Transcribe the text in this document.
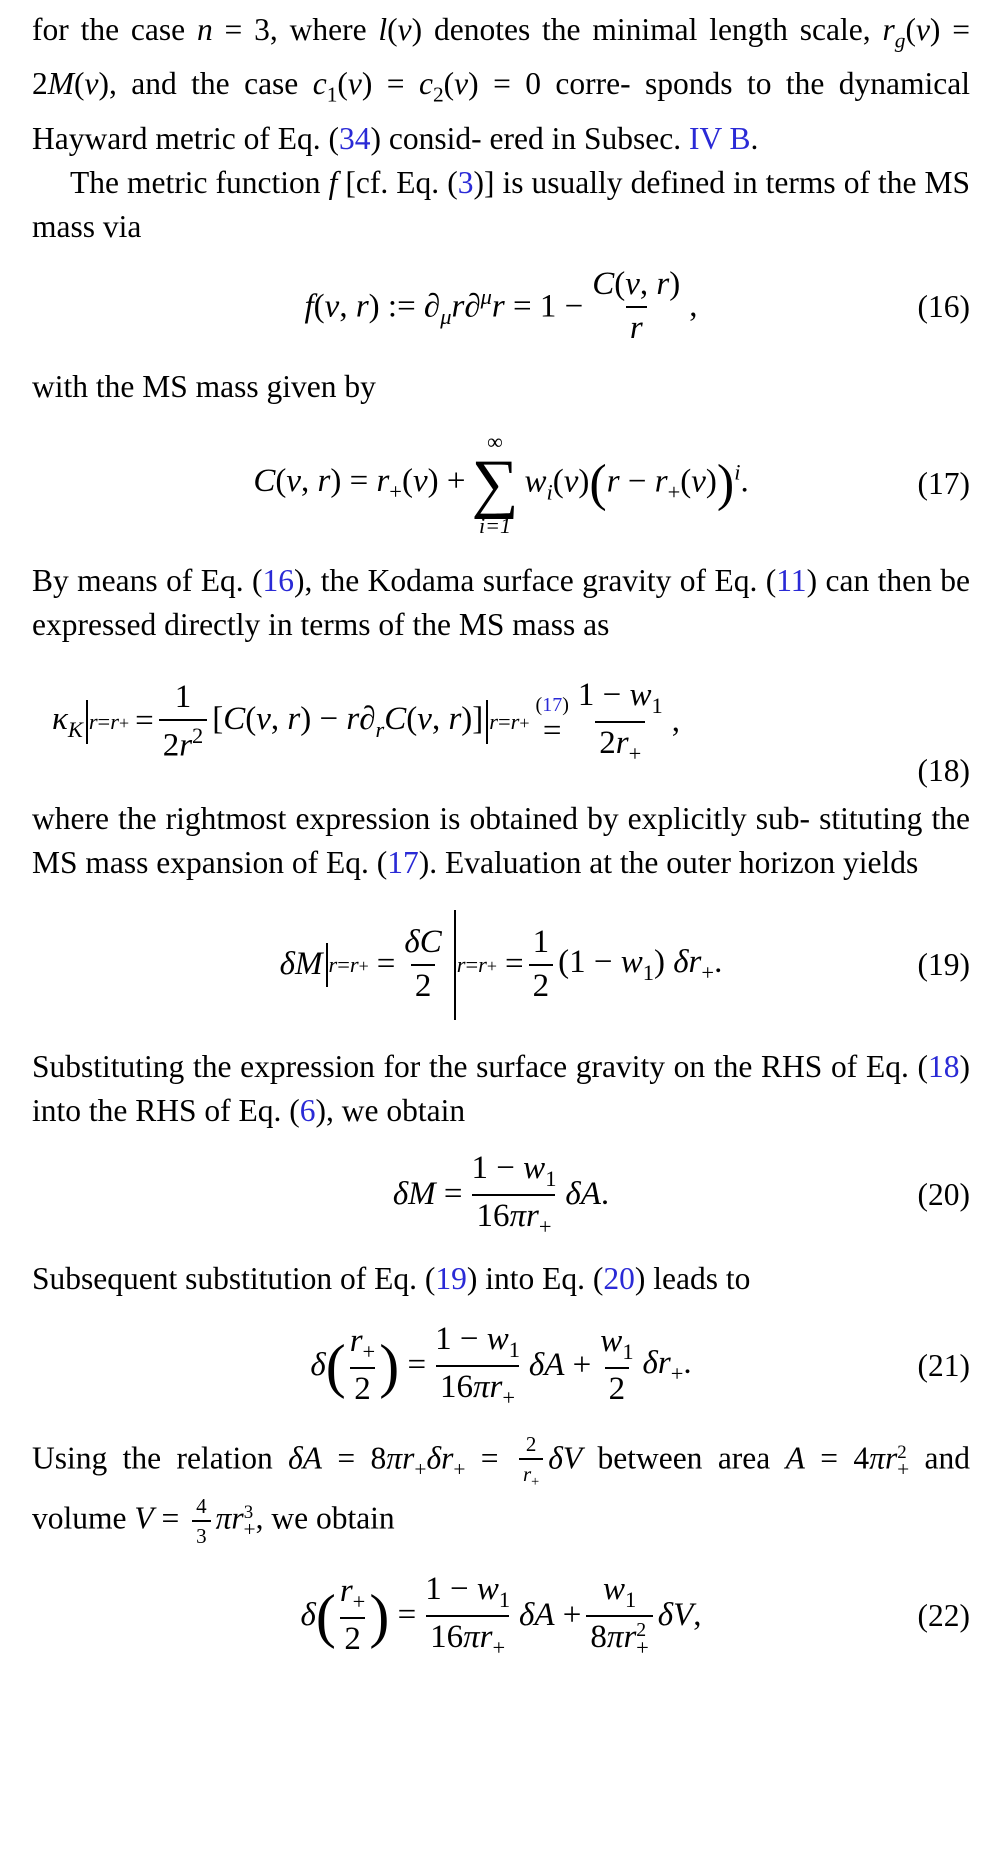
for the case n = 3, where l(v) denotes the minimal length scale, $r_g(v) = 2M(v)$, and the case $c_1(v) = c_2(v) = 0$ corre- sponds to the dynamical Hayward metric of Eq. (34) consid- ered in Subsec. IV B.

The metric function f [cf. Eq. (3)] is usually defined in terms of the MS mass via

f(v, r) := $\partial_\mu r\partial^\mu r = 1 - \frac{C(v, r)}{r}$ ,	(16)

with the MS mass given by

C(v, $r) = r_+(v)$ +
∞
∑
i=1
$w_i(v)(r - r_+(v))^i$.	(17)

By means of Eq. (16), the Kodama surface gravity of Eq. (11) can then be expressed directly in terms of the MS mass as

$\kappa_K$ $r=r+ = \frac{1}{2r^2} [C(v$, $r) - r\partial_rC(v$, r)] r=r+
(17)
= $\frac{1 - w_1}{2r_+}$ ,
(18)

where the rightmost expression is obtained by explicitly sub- stituting the MS mass expansion of Eq. (17). Evaluation at the outer horizon yields

δM $r=r+ = \frac{\delta C}{2} r=r+ = \frac{1}{2} (1 - w_1)$ $\delta r_+$.	(19)

Substituting the expression for the surface gravity on the RHS of Eq. (18) into the RHS of Eq. (6), we obtain

$\delta M = \frac{1 - w_1}{16\pi r_+} \delta A$.	(20)

Subsequent substitution of Eq. (19) into Eq. (20) leads to

δ ( $\frac{r_+}{2}$ ) = $\frac{1 - w_1}{16\pi r_+}$ $\delta A + \frac{w_1}{2} \delta r_+$.	(21)

Using the relation $\delta A = 8\pi r_+\delta r_+ = \frac{2}{r_+}$ δV between area $A = 4\pi r^2_+$ and volume $V = \frac{4}{3} \pi r^3_+$, we obtain

δ ( $\frac{r_+}{2}$ ) = $\frac{1 - w_1}{16\pi r_+}$ $\delta A + \frac{w_1}{8\pi r^2_+} \delta V$,	(22)
